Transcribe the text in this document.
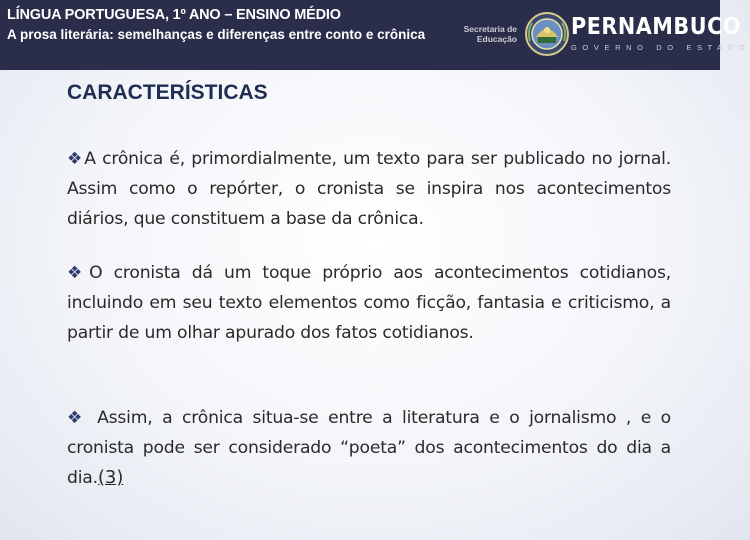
LÍNGUA PORTUGUESA, 1º ANO – ENSINO MÉDIO
A prosa literária: semelhanças e diferenças entre conto e crônica	Secretaria de
Educação PERNAMBUCO
GOVERNO DO ESTADO
CARACTERÍSTICAS
❖A crônica é, primordialmente, um texto para ser publicado no jornal. Assim como o repórter, o cronista se inspira nos acontecimentos diários, que constituem a base da crônica.
❖O cronista dá um toque próprio aos acontecimentos cotidianos, incluindo em seu texto elementos como ficção, fantasia e criticismo, a partir de um olhar apurado dos fatos cotidianos.
❖ Assim, a crônica situa-se entre a literatura e o jornalismo , e o cronista pode ser considerado “poeta” dos acontecimentos do dia a dia.(3)
